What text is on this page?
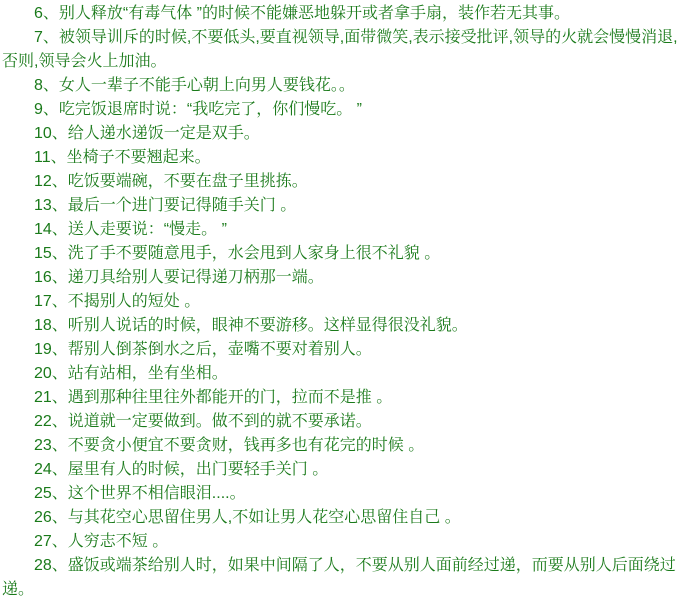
6、别人释放“有毒气体 ”的时候不能嫌恶地躲开或者拿手扇，装作若无其事。

7、被领导训斥的时候,不要低头,要直视领导,面带微笑,表示接受批评,领导的火就会慢慢消退,否则,领导会火上加油。

8、女人一辈子不能手心朝上向男人要钱花。。

9、吃完饭退席时说：“我吃完了，你们慢吃。 ”

10、给人递水递饭一定是双手。

11、坐椅子不要翘起来。

12、吃饭要端碗，不要在盘子里挑拣。

13、最后一个进门要记得随手关门 。

14、送人走要说：“慢走。 ”

15、洗了手不要随意甩手，水会甩到人家身上很不礼貌 。

16、递刀具给别人要记得递刀柄那一端。

17、不揭别人的短处 。

18、听别人说话的时候，眼神不要游移。这样显得很没礼貌。

19、帮别人倒茶倒水之后，壶嘴不要对着别人。

20、站有站相，坐有坐相。

21、遇到那种往里往外都能开的门，拉而不是推 。

22、说道就一定要做到。做不到的就不要承诺。

23、不要贪小便宜不要贪财，钱再多也有花完的时候 。

24、屋里有人的时候，出门要轻手关门 。

25、这个世界不相信眼泪....。

26、与其花空心思留住男人,不如让男人花空心思留住自己 。

27、人穷志不短 。

28、盛饭或端茶给别人时，如果中间隔了人，不要从别人面前经过递，而要从别人后面绕过递。
